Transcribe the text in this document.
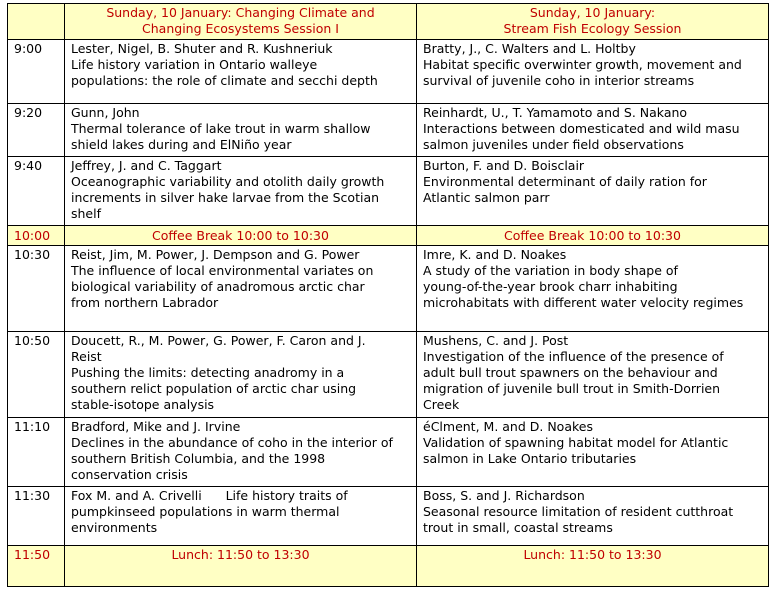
	Sunday, 10 January: Changing Climate and
Changing Ecosystems Session I	Sunday, 10 January:
Stream Fish Ecology Session

9:00	Lester, Nigel, B. Shuter and R. Kushneriuk
Life history variation in Ontario walleye
populations: the role of climate and secchi depth	Bratty, J., C. Walters and L. Holtby
Habitat specific overwinter growth, movement and
survival of juvenile coho in interior streams

9:20	Gunn, John
Thermal tolerance of lake trout in warm shallow
shield lakes during and ElNiño year	Reinhardt, U., T. Yamamoto and S. Nakano
Interactions between domesticated and wild masu
salmon juveniles under field observations

9:40	Jeffrey, J. and C. Taggart
Oceanographic variability and otolith daily growth
increments in silver hake larvae from the Scotian
shelf	Burton, F. and D. Boisclair
Environmental determinant of daily ration for
Atlantic salmon parr

10:00	Coffee Break 10:00 to 10:30	Coffee Break 10:00 to 10:30
10:30	Reist, Jim, M. Power, J. Dempson and G. Power
The influence of local environmental variates on
biological variability of anadromous arctic char
from northern Labrador	Imre, K. and D. Noakes
A study of the variation in body shape of
young-of-the-year brook charr inhabiting
microhabitats with different water velocity regimes

10:50	Doucett, R., M. Power, G. Power, F. Caron and J.
Reist
Pushing the limits: detecting anadromy in a
southern relict population of arctic char using
stable-isotope analysis	Mushens, C. and J. Post
Investigation of the influence of the presence of
adult bull trout spawners on the behaviour and
migration of juvenile bull trout in Smith-Dorrien
Creek

11:10	Bradford, Mike and J. Irvine
Declines in the abundance of coho in the interior of
southern British Columbia, and the 1998
conservation crisis	éClment, M. and D. Noakes
Validation of spawning habitat model for Atlantic
salmon in Lake Ontario tributaries

11:30	Fox M. and A. Crivelli      Life history traits of
pumpkinseed populations in warm thermal
environments	Boss, S. and J. Richardson
Seasonal resource limitation of resident cutthroat
trout in small, coastal streams

11:50	Lunch: 11:50 to 13:30	Lunch: 11:50 to 13:30
